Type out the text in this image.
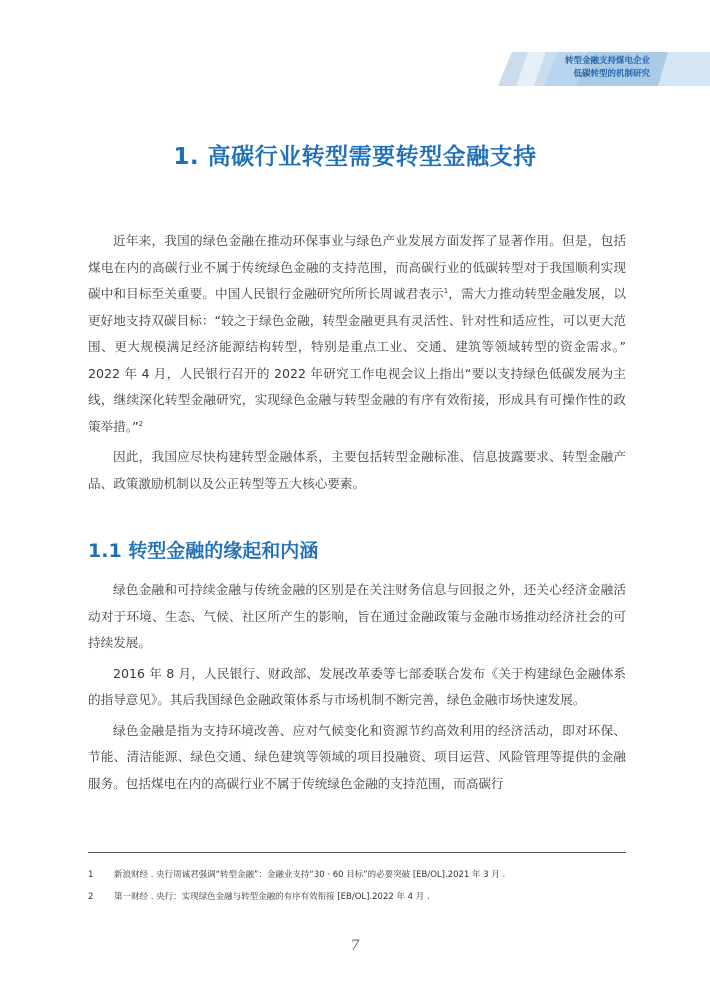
转型金融支持煤电企业
低碳转型的机制研究
1. 高碳行业转型需要转型金融支持

近年来，我国的绿色金融在推动环保事业与绿色产业发展方面发挥了显著作用。但是，包括煤电在内的高碳行业不属于传统绿色金融的支持范围，而高碳行业的低碳转型对于我国顺利实现碳中和目标至关重要。中国人民银行金融研究所所长周诚君表示$^1$，需大力推动转型金融发展，以更好地支持双碳目标：“较之于绿色金融，转型金融更具有灵活性、针对性和适应性，可以更大范围、更大规模满足经济能源结构转型，特别是重点工业、交通、建筑等领域转型的资金需求。” 2022 年 4 月，人民银行召开的 2022 年研究工作电视会议上指出“要以支持绿色低碳发展为主线，继续深化转型金融研究，实现绿色金融与转型金融的有序有效衔接，形成具有可操作性的政策举措。”$^2$

因此，我国应尽快构建转型金融体系，主要包括转型金融标准、信息披露要求、转型金融产品、政策激励机制以及公正转型等五大核心要素。

1.1 转型金融的缘起和内涵

绿色金融和可持续金融与传统金融的区别是在关注财务信息与回报之外，还关心经济金融活动对于环境、生态、气候、社区所产生的影响，旨在通过金融政策与金融市场推动经济社会的可持续发展。

2016 年 8 月，人民银行、财政部、发展改革委等七部委联合发布《关于构建绿色金融体系的指导意见》。其后我国绿色金融政策体系与市场机制不断完善，绿色金融市场快速发展。

绿色金融是指为支持环境改善、应对气候变化和资源节约高效利用的经济活动，即对环保、节能、清洁能源、绿色交通、绿色建筑等领域的项目投融资、项目运营、风险管理等提供的金融服务。包括煤电在内的高碳行业不属于传统绿色金融的支持范围，而高碳行

1	新浪财经 . 央行周诚君强调“转型金融”：金融业支持“30 · 60 目标”的必要突破 [EB/OL].2021 年 3 月 .
2	第一财经 . 央行：实现绿色金融与转型金融的有序有效衔接 [EB/OL].2022 年 4 月 .
7
